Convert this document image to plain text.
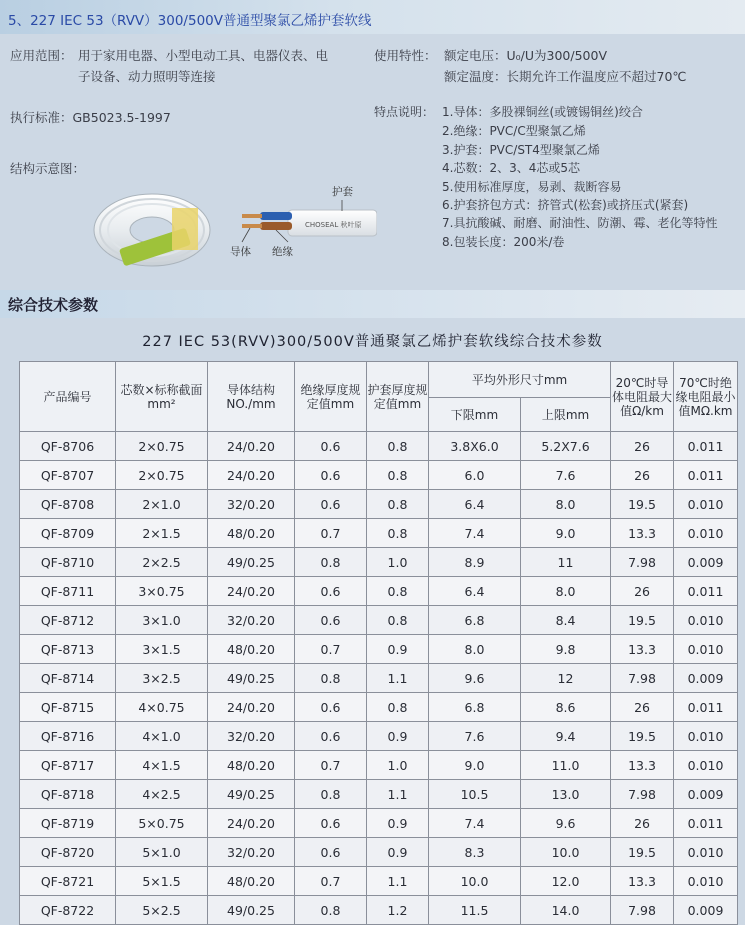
5、227 IEC 53（RVV）300/500V普通型聚氯乙烯护套软线
应用范围： 用于家用电器、小型电动工具、电器仪表、电
子设备、动力照明等连接
使用特性： 额定电压：U₀/U为300/500V
额定温度：长期允许工作温度应不超过70℃
执行标准：GB5023.5-1997	特点说明： 1.导体：多股裸铜丝(或镀锡铜丝)绞合
2.绝缘：PVC/C型聚氯乙烯
3.护套：PVC/ST4型聚氯乙烯
4.芯数：2、3、4芯或5芯
5.使用标准厚度，易剥、裁断容易
6.护套挤包方式：挤管式(松套)或挤压式(紧套)
7.具抗酸碱、耐磨、耐油性、防潮、霉、老化等特性
8.包装长度：200米/卷
结构示意图：
CHOSEAL 秋叶原
护套
导体 绝缘
综合技术参数
227 IEC 53(RVV)300/500V普通聚氯乙烯护套软线综合技术参数
产品编号	芯数×标称截面mm²	导体结构NO./mm	绝缘厚度规定值mm	护套厚度规定值mm	平均外形尺寸mm		20℃时导体电阻最大值Ω/km	70℃时绝缘电阻最小值MΩ.km
					下限mm	上限mm		
QF-8706	2×0.75	24/0.20	0.6	0.8	3.8X6.0	5.2X7.6	26	0.011
QF-8707	2×0.75	24/0.20	0.6	0.8	6.0	7.6	26	0.011
QF-8708	2×1.0	32/0.20	0.6	0.8	6.4	8.0	19.5	0.010
QF-8709	2×1.5	48/0.20	0.7	0.8	7.4	9.0	13.3	0.010
QF-8710	2×2.5	49/0.25	0.8	1.0	8.9	11	7.98	0.009
QF-8711	3×0.75	24/0.20	0.6	0.8	6.4	8.0	26	0.011
QF-8712	3×1.0	32/0.20	0.6	0.8	6.8	8.4	19.5	0.010
QF-8713	3×1.5	48/0.20	0.7	0.9	8.0	9.8	13.3	0.010
QF-8714	3×2.5	49/0.25	0.8	1.1	9.6	12	7.98	0.009
QF-8715	4×0.75	24/0.20	0.6	0.8	6.8	8.6	26	0.011
QF-8716	4×1.0	32/0.20	0.6	0.9	7.6	9.4	19.5	0.010
QF-8717	4×1.5	48/0.20	0.7	1.0	9.0	11.0	13.3	0.010
QF-8718	4×2.5	49/0.25	0.8	1.1	10.5	13.0	7.98	0.009
QF-8719	5×0.75	24/0.20	0.6	0.9	7.4	9.6	26	0.011
QF-8720	5×1.0	32/0.20	0.6	0.9	8.3	10.0	19.5	0.010
QF-8721	5×1.5	48/0.20	0.7	1.1	10.0	12.0	13.3	0.010
QF-8722	5×2.5	49/0.25	0.8	1.2	11.5	14.0	7.98	0.009
